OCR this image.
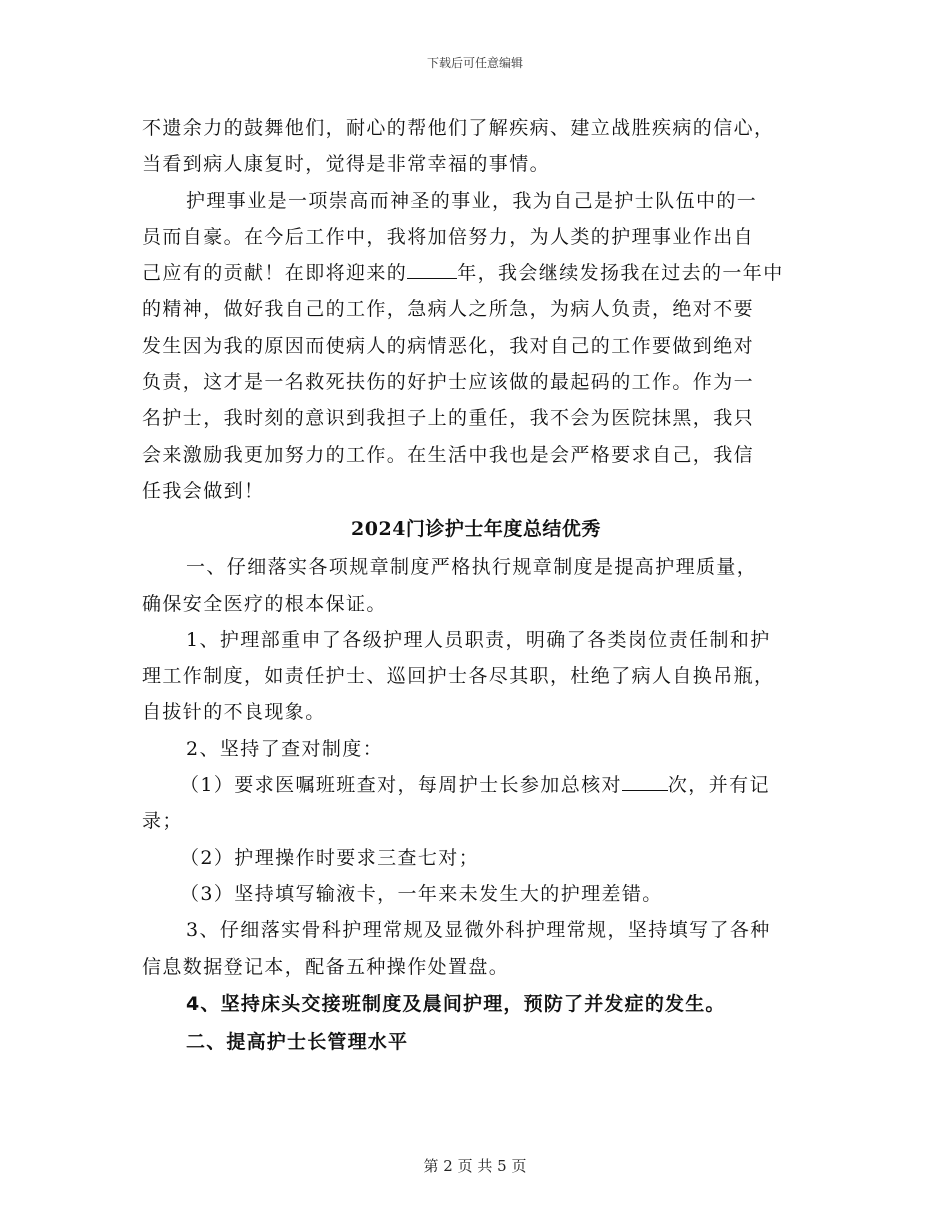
下载后可任意编辑
不遗余力的鼓舞他们，耐心的帮他们了解疾病、建立战胜疾病的信心，
当看到病人康复时，觉得是非常幸福的事情。
护理事业是一项崇高而神圣的事业，我为自己是护士队伍中的一
员而自豪。在今后工作中，我将加倍努力，为人类的护理事业作出自
己应有的贡献！在即将迎来的	年，我会继续发扬我在过去的一年中
的精神，做好我自己的工作，急病人之所急，为病人负责，绝对不要
发生因为我的原因而使病人的病情恶化，我对自己的工作要做到绝对
负责，这才是一名救死扶伤的好护士应该做的最起码的工作。作为一
名护士，我时刻的意识到我担子上的重任，我不会为医院抹黑，我只
会来激励我更加努力的工作。在生活中我也是会严格要求自己，我信
任我会做到！
2024门诊护士年度总结优秀
一、仔细落实各项规章制度严格执行规章制度是提高护理质量，
确保安全医疗的根本保证。
1、护理部重申了各级护理人员职责，明确了各类岗位责任制和护
理工作制度，如责任护士、巡回护士各尽其职，杜绝了病人自换吊瓶，
自拔针的不良现象。
2、坚持了查对制度：
（1）要求医嘱班班查对，每周护士长参加总核对 次，并有记
录；
（2）护理操作时要求三查七对；
（3）坚持填写输液卡，一年来未发生大的护理差错。
3、仔细落实骨科护理常规及显微外科护理常规，坚持填写了各种
信息数据登记本，配备五种操作处置盘。
4、坚持床头交接班制度及晨间护理，预防了并发症的发生。
二、提高护士长管理水平
第 2 页 共 5 页
